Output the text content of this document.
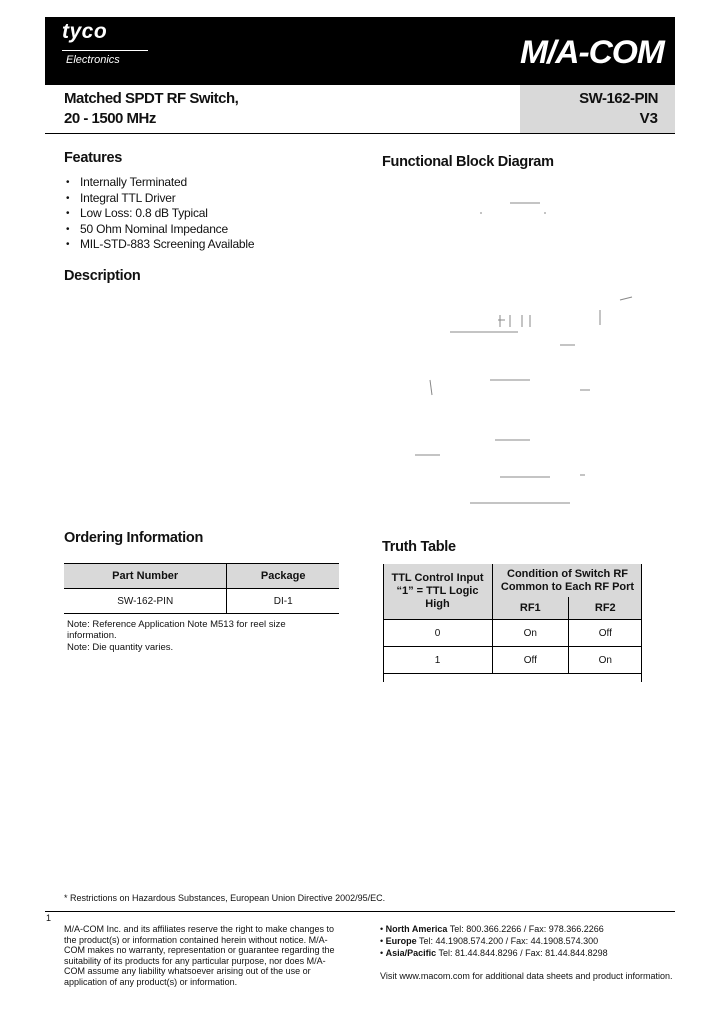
tyco
Electronics	M/A-COM
Matched SPDT RF Switch,
20 - 1500 MHz
SW-162-PIN
V3
Features
• Internally Terminated
• Integral TTL Driver
• Low Loss: 0.8 dB Typical
• 50 Ohm Nominal Impedance
• MIL-STD-883 Screening Available
Description
Functional Block Diagram
Ordering Information
Part Number	Package
SW-162-PIN	DI-1
Note: Reference Application Note M513 for reel size information.
Note: Die quantity varies.
Truth Table
TTL Control Input “1” = TTL Logic High	Condition of Switch RF Common to Each RF Port	
	RF1	RF2
0	On	Off
1	Off	On
* Restrictions on Hazardous Substances, European Union Directive 2002/95/EC.
1
M/A-COM Inc. and its affiliates reserve the right to make changes to the product(s) or information contained herein without notice. M/A-COM makes no warranty, representation or guarantee regarding the suitability of its products for any particular purpose, nor does M/A-COM assume any liability whatsoever arising out of the use or application of any product(s) or information.
• North America Tel: 800.366.2266 / Fax: 978.366.2266
• Europe Tel: 44.1908.574.200 / Fax: 44.1908.574.300
• Asia/Pacific Tel: 81.44.844.8296 / Fax: 81.44.844.8298
Visit www.macom.com for additional data sheets and product information.
